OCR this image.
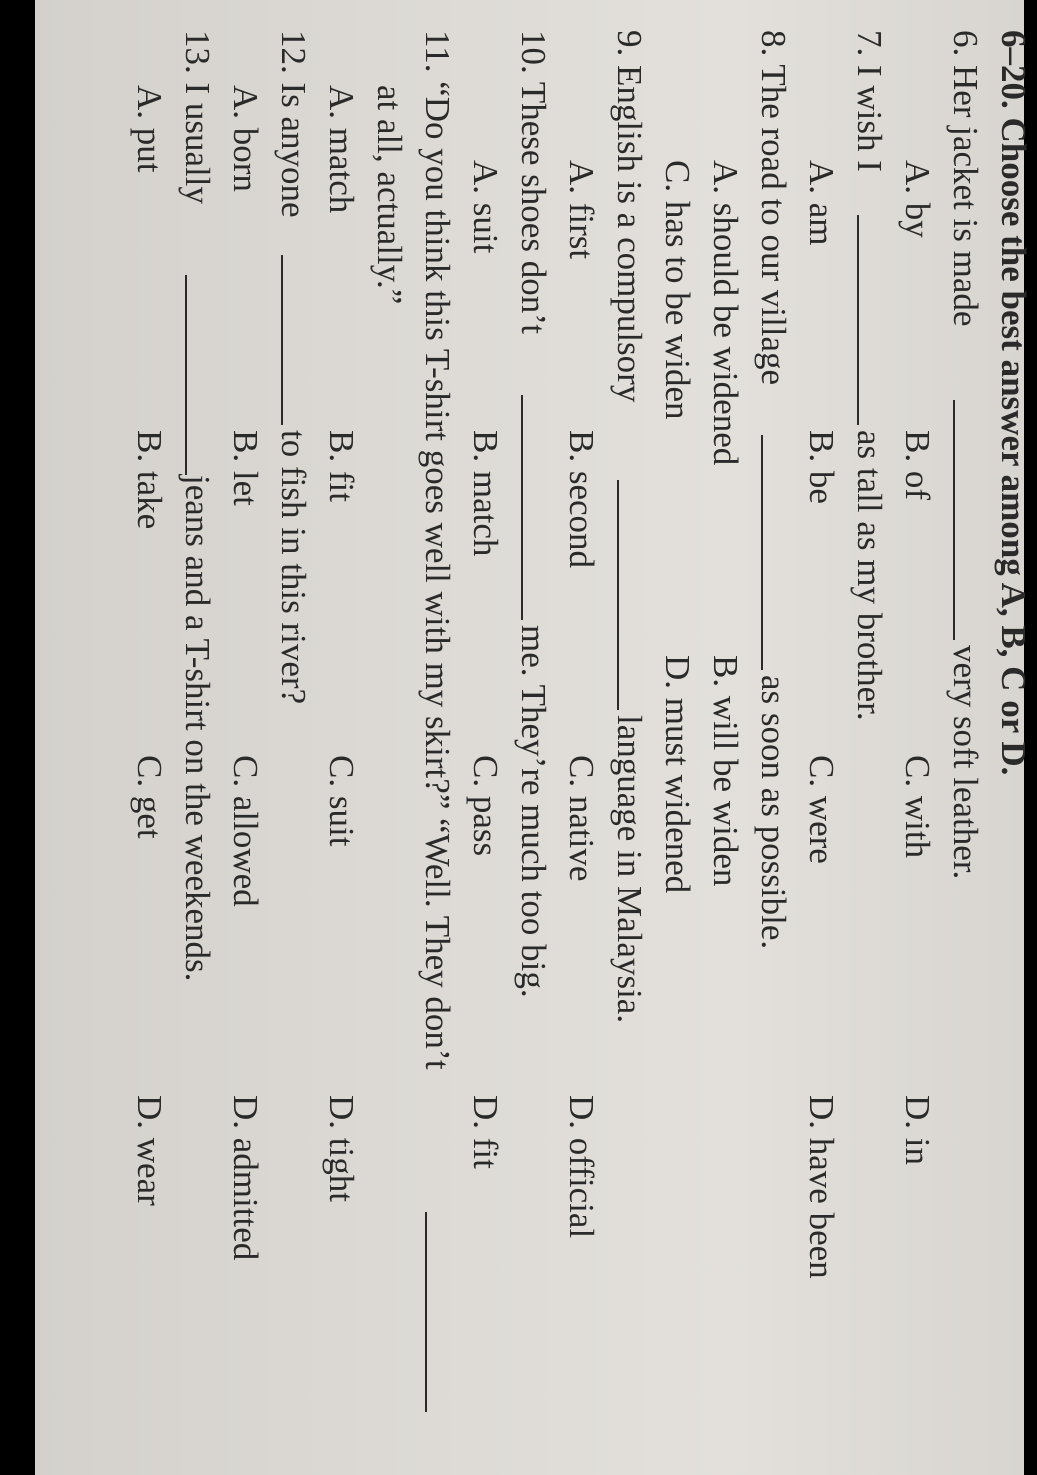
6–20. Choose the best answer among A, B, C or D.
6. Her jacket is made
very soft leather.
A. by
B. of
C. with
D. in
7. I wish I
as tall as my brother.
A. am
B. be
C. were
D. have been
8. The road to our village
as soon as possible.
A. should be widened
B. will be widen
C. has to be widen
D. must widened
9. English is a compulsory
language in Malaysia.
A. first
B. second
C. native
D. official
10. These shoes don’t
me. They’re much too big.
A. suit
B. match
C. pass
D. fit
11. “Do you think this T-shirt goes well with my skirt?” “Well. They don’t
at all, actually.”
A. match
B. fit
C. suit
D. tight
12. Is anyone
to fish in this river?
A. born
B. let
C. allowed
D. admitted
13. I usually
jeans and a T-shirt on the weekends.
A. put
B. take
C. get
D. wear
